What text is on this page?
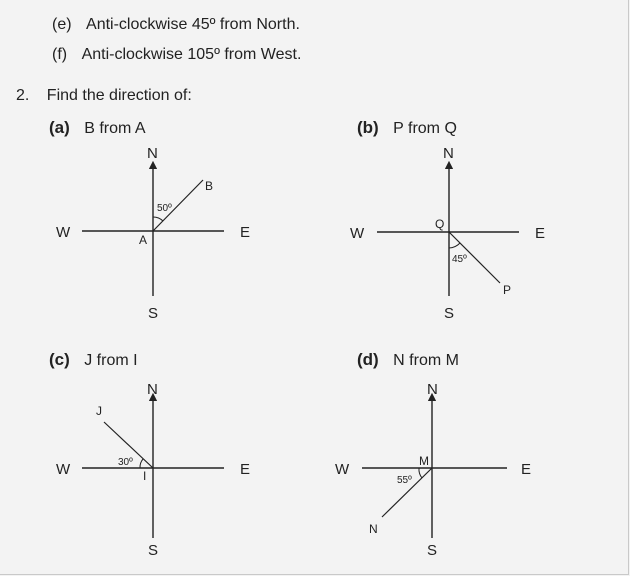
(e) Anti-clockwise 45º from North.
(f) Anti-clockwise 105º from West.
2. Find the direction of:
(a) B from A	(b) P from Q
(c) J from I	(d) N from M
N
S
E
W	A
B
50º
N
S
E
W
Q
P
45º
N
S
E
W	I
J
30º
N
S
E
W	M
N
55º
